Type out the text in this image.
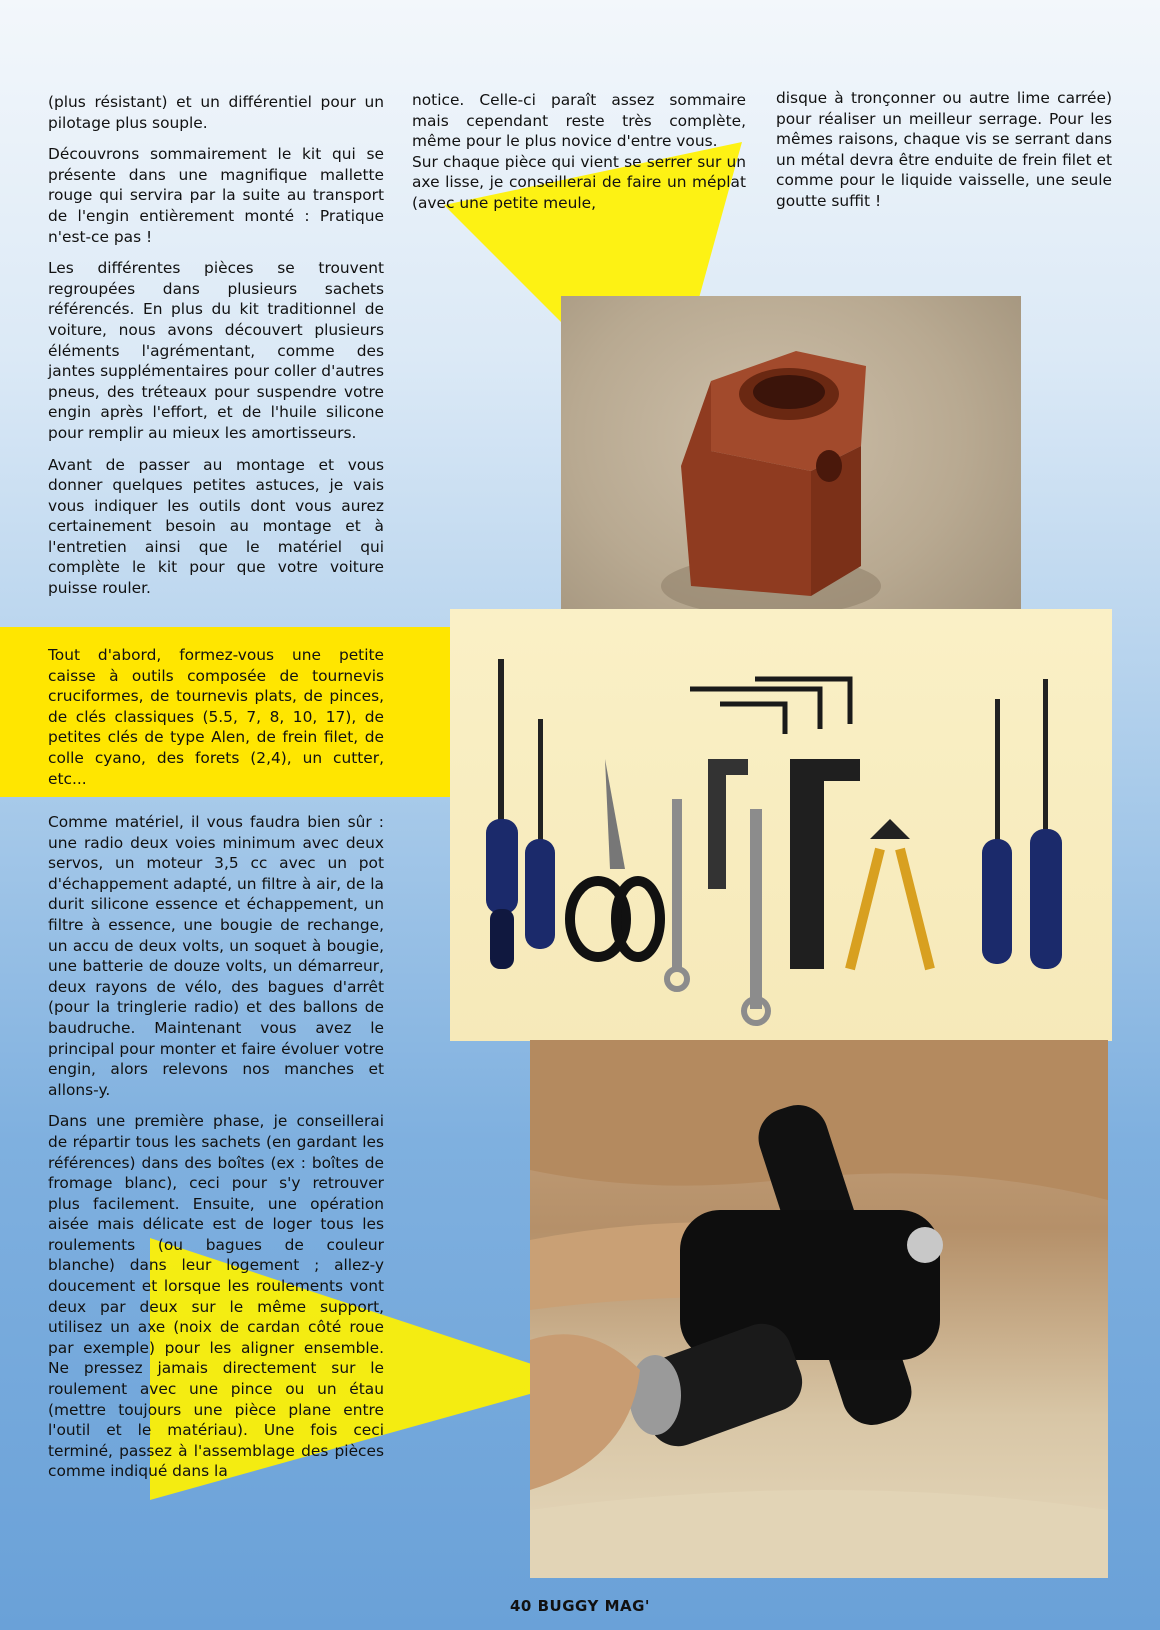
(plus résistant) et un différentiel pour un pilotage plus souple.

Découvrons sommairement le kit qui se présente dans une magnifique mallette rouge qui servira par la suite au transport de l'engin entièrement monté : Pratique n'est-ce pas !

Les différentes pièces se trouvent regroupées dans plusieurs sachets référencés. En plus du kit traditionnel de voiture, nous avons découvert plusieurs éléments l'agrémentant, comme des jantes supplémentaires pour coller d'autres pneus, des tréteaux pour suspendre votre engin après l'effort, et de l'huile silicone pour remplir au mieux les amortisseurs.

Avant de passer au montage et vous donner quelques petites astuces, je vais vous indiquer les outils dont vous aurez certainement besoin au montage et à l'entretien ainsi que le matériel qui complète le kit pour que votre voiture puisse rouler.

Tout d'abord, formez-vous une petite caisse à outils composée de tournevis cruciformes, de tournevis plats, de pinces, de clés classiques (5.5, 7, 8, 10, 17), de petites clés de type Alen, de frein filet, de colle cyano, des forets (2,4), un cutter, etc...

Comme matériel, il vous faudra bien sûr : une radio deux voies minimum avec deux servos, un moteur 3,5 cc avec un pot d'échappement adapté, un filtre à air, de la durit silicone essence et échappement, un filtre à essence, une bougie de rechange, un accu de deux volts, un soquet à bougie, une batterie de douze volts, un démarreur, deux rayons de vélo, des bagues d'arrêt (pour la tringlerie radio) et des ballons de baudruche. Maintenant vous avez le principal pour monter et faire évoluer votre engin, alors relevons nos manches et allons-y.

Dans une première phase, je conseillerai de répartir tous les sachets (en gardant les références) dans des boîtes (ex : boîtes de fromage blanc), ceci pour s'y retrouver plus facilement. Ensuite, une opération aisée mais délicate est de loger tous les roulements (ou bagues de couleur blanche) dans leur logement ; allez-y doucement et lorsque les roulements vont deux par deux sur le même support, utilisez un axe (noix de cardan côté roue par exemple) pour les aligner ensemble. Ne pressez jamais directement sur le roulement avec une pince ou un étau (mettre toujours une pièce plane entre l'outil et le matériau). Une fois ceci terminé, passez à l'assemblage des pièces comme indiqué dans la

notice. Celle-ci paraît assez sommaire mais cependant reste très complète, même pour le plus novice d'entre vous.

Sur chaque pièce qui vient se serrer sur un axe lisse, je conseillerai de faire un méplat (avec une petite meule,

disque à tronçonner ou autre lime carrée) pour réaliser un meilleur serrage. Pour les mêmes raisons, chaque vis se serrant dans un métal devra être enduite de frein filet et comme pour le liquide vaisselle, une seule goutte suffit !

40 BUGGY MAG'
